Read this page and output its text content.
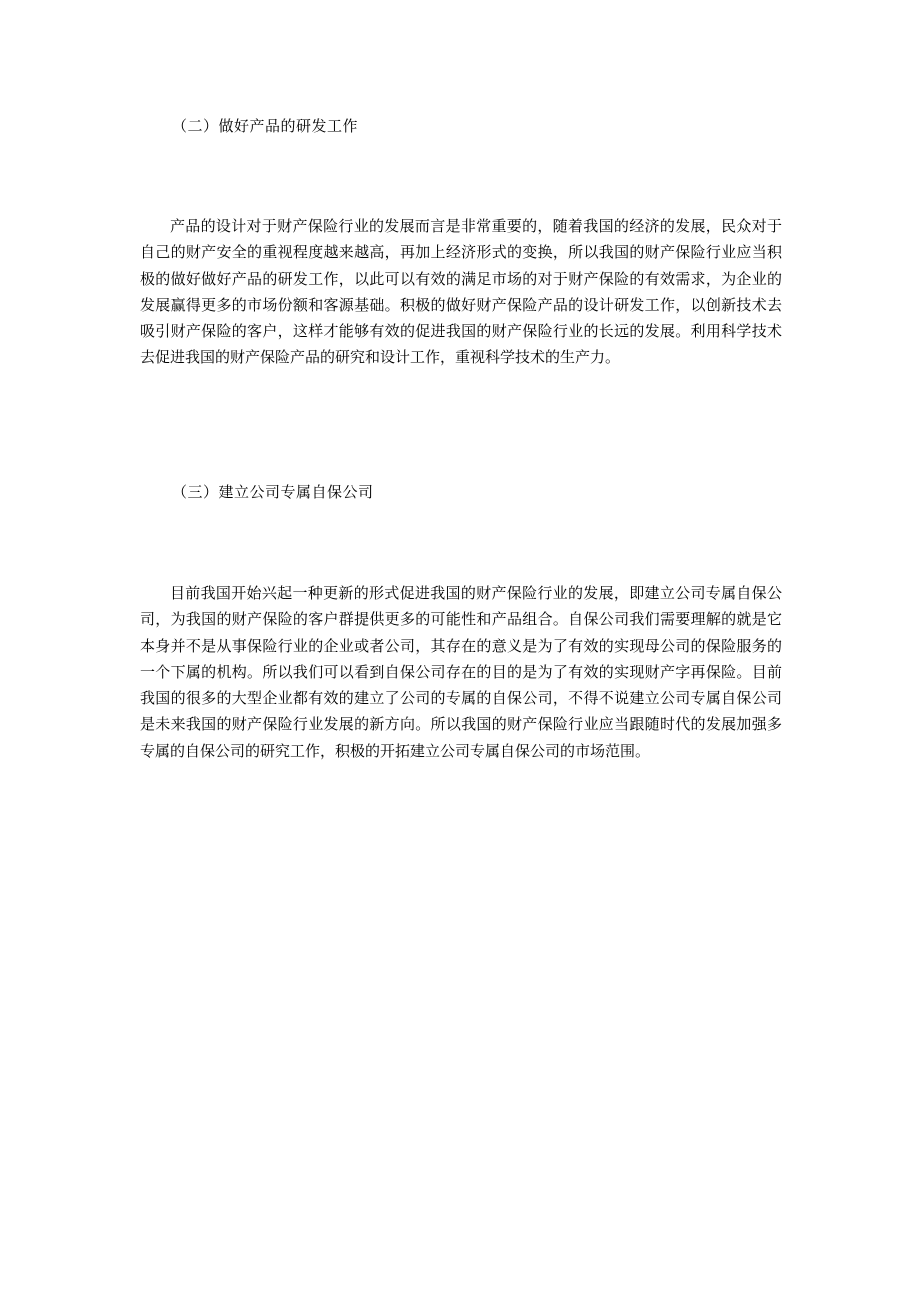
（二）做好产品的研发工作

产品的设计对于财产保险行业的发展而言是非常重要的，随着我国的经济的发展，民众对于自己的财产安全的重视程度越来越高，再加上经济形式的变换，所以我国的财产保险行业应当积极的做好做好产品的研发工作，以此可以有效的满足市场的对于财产保险的有效需求，为企业的发展赢得更多的市场份额和客源基础。积极的做好财产保险产品的设计研发工作，以创新技术去吸引财产保险的客户，这样才能够有效的促进我国的财产保险行业的长远的发展。利用科学技术去促进我国的财产保险产品的研究和设计工作，重视科学技术的生产力。

（三）建立公司专属自保公司

目前我国开始兴起一种更新的形式促进我国的财产保险行业的发展，即建立公司专属自保公司，为我国的财产保险的客户群提供更多的可能性和产品组合。自保公司我们需要理解的就是它本身并不是从事保险行业的企业或者公司，其存在的意义是为了有效的实现母公司的保险服务的一个下属的机构。所以我们可以看到自保公司存在的目的是为了有效的实现财产字再保险。目前我国的很多的大型企业都有效的建立了公司的专属的自保公司，不得不说建立公司专属自保公司是未来我国的财产保险行业发展的新方向。所以我国的财产保险行业应当跟随时代的发展加强多专属的自保公司的研究工作，积极的开拓建立公司专属自保公司的市场范围。
